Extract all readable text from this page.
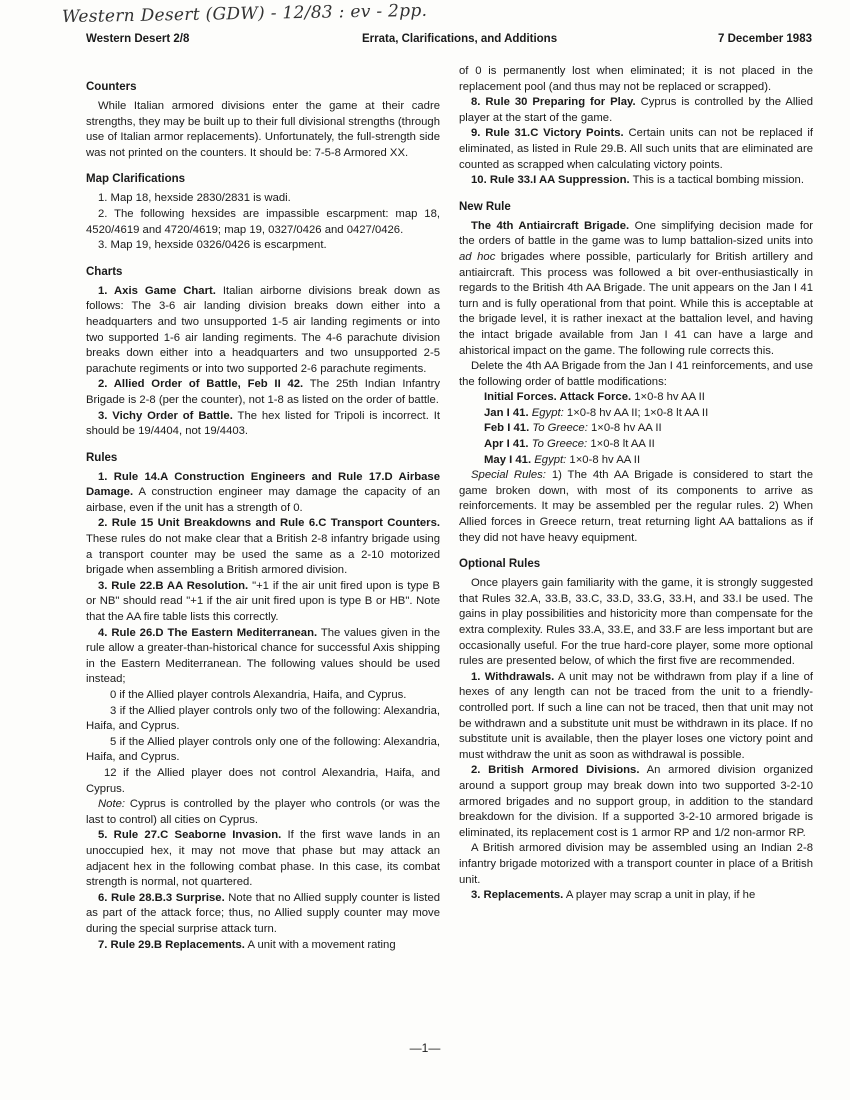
Western Desert (GDW) - 12/83 : ev - 2pp.
Western Desert 2/8	Errata, Clarifications, and Additions	7 December 1983
Counters

While Italian armored divisions enter the game at their cadre strengths, they may be built up to their full divisional strengths (through use of Italian armor replacements). Unfortunately, the full-strength side was not printed on the counters. It should be: 7-5-8 Armored XX.

Map Clarifications

1. Map 18, hexside 2830/2831 is wadi.

2. The following hexsides are impassible escarpment: map 18, 4520/4619 and 4720/4619; map 19, 0327/0426 and 0427/0426.

3. Map 19, hexside 0326/0426 is escarpment.

Charts

1. Axis Game Chart. Italian airborne divisions break down as follows: The 3-6 air landing division breaks down either into a headquarters and two unsupported 1-5 air landing regiments or into two supported 1-6 air landing regiments. The 4-6 parachute division breaks down either into a headquarters and two unsupported 2-5 parachute regiments or into two supported 2-6 parachute regiments.

2. Allied Order of Battle, Feb II 42. The 25th Indian Infantry Brigade is 2-8 (per the counter), not 1-8 as listed on the order of battle.

3. Vichy Order of Battle. The hex listed for Tripoli is incorrect. It should be 19/4404, not 19/4403.

Rules

1. Rule 14.A Construction Engineers and Rule 17.D Airbase Damage. A construction engineer may damage the capacity of an airbase, even if the unit has a strength of 0.

2. Rule 15 Unit Breakdowns and Rule 6.C Transport Counters. These rules do not make clear that a British 2-8 infantry brigade using a transport counter may be used the same as a 2-10 motorized brigade when assembling a British armored division.

3. Rule 22.B AA Resolution. "+1 if the air unit fired upon is type B or NB" should read "+1 if the air unit fired upon is type B or HB". Note that the AA fire table lists this correctly.

4. Rule 26.D The Eastern Mediterranean. The values given in the rule allow a greater-than-historical chance for successful Axis shipping in the Eastern Mediterranean. The following values should be used instead;

0 if the Allied player controls Alexandria, Haifa, and Cyprus.

3 if the Allied player controls only two of the following: Alexandria, Haifa, and Cyprus.

5 if the Allied player controls only one of the following: Alexandria, Haifa, and Cyprus.

12 if the Allied player does not control Alexandria, Haifa, and Cyprus.

Note: Cyprus is controlled by the player who controls (or was the last to control) all cities on Cyprus.

5. Rule 27.C Seaborne Invasion. If the first wave lands in an unoccupied hex, it may not move that phase but may attack an adjacent hex in the following combat phase. In this case, its combat strength is normal, not quartered.

6. Rule 28.B.3 Surprise. Note that no Allied supply counter is listed as part of the attack force; thus, no Allied supply counter may move during the special surprise attack turn.

7. Rule 29.B Replacements. A unit with a movement rating

of 0 is permanently lost when eliminated; it is not placed in the replacement pool (and thus may not be replaced or scrapped).

8. Rule 30 Preparing for Play. Cyprus is controlled by the Allied player at the start of the game.

9. Rule 31.C Victory Points. Certain units can not be replaced if eliminated, as listed in Rule 29.B. All such units that are eliminated are counted as scrapped when calculating victory points.

10. Rule 33.I AA Suppression. This is a tactical bombing mission.

New Rule

The 4th Antiaircraft Brigade. One simplifying decision made for the orders of battle in the game was to lump battalion-sized units into ad hoc brigades where possible, particularly for British artillery and antiaircraft. This process was followed a bit over-enthusiastically in regards to the British 4th AA Brigade. The unit appears on the Jan I 41 turn and is fully operational from that point. While this is acceptable at the brigade level, it is rather inexact at the battalion level, and having the intact brigade available from Jan I 41 can have a large and ahistorical impact on the game. The following rule corrects this.

Delete the 4th AA Brigade from the Jan I 41 reinforcements, and use the following order of battle modifications:

Initial Forces. Attack Force. 1×0-8 hv AA II

Jan I 41. Egypt: 1×0-8 hv AA II; 1×0-8 lt AA II

Feb I 41. To Greece: 1×0-8 hv AA II

Apr I 41. To Greece: 1×0-8 lt AA II

May I 41. Egypt: 1×0-8 hv AA II

Special Rules: 1) The 4th AA Brigade is considered to start the game broken down, with most of its components to arrive as reinforcements. It may be assembled per the regular rules. 2) When Allied forces in Greece return, treat returning light AA battalions as if they did not have heavy equipment.

Optional Rules

Once players gain familiarity with the game, it is strongly suggested that Rules 32.A, 33.B, 33.C, 33.D, 33.G, 33.H, and 33.I be used. The gains in play possibilities and historicity more than compensate for the extra complexity. Rules 33.A, 33.E, and 33.F are less important but are occasionally useful. For the true hard-core player, some more optional rules are presented below, of which the first five are recommended.

1. Withdrawals. A unit may not be withdrawn from play if a line of hexes of any length can not be traced from the unit to a friendly-controlled port. If such a line can not be traced, then that unit may not be withdrawn and a substitute unit must be withdrawn in its place. If no substitute unit is available, then the player loses one victory point and must withdraw the unit as soon as withdrawal is possible.

2. British Armored Divisions. An armored division organized around a support group may break down into two supported 3-2-10 armored brigades and no support group, in addition to the standard breakdown for the division. If a supported 3-2-10 armored brigade is eliminated, its replacement cost is 1 armor RP and 1/2 non-armor RP.

A British armored division may be assembled using an Indian 2-8 infantry brigade motorized with a transport counter in place of a British unit.

3. Replacements. A player may scrap a unit in play, if he

—1—
